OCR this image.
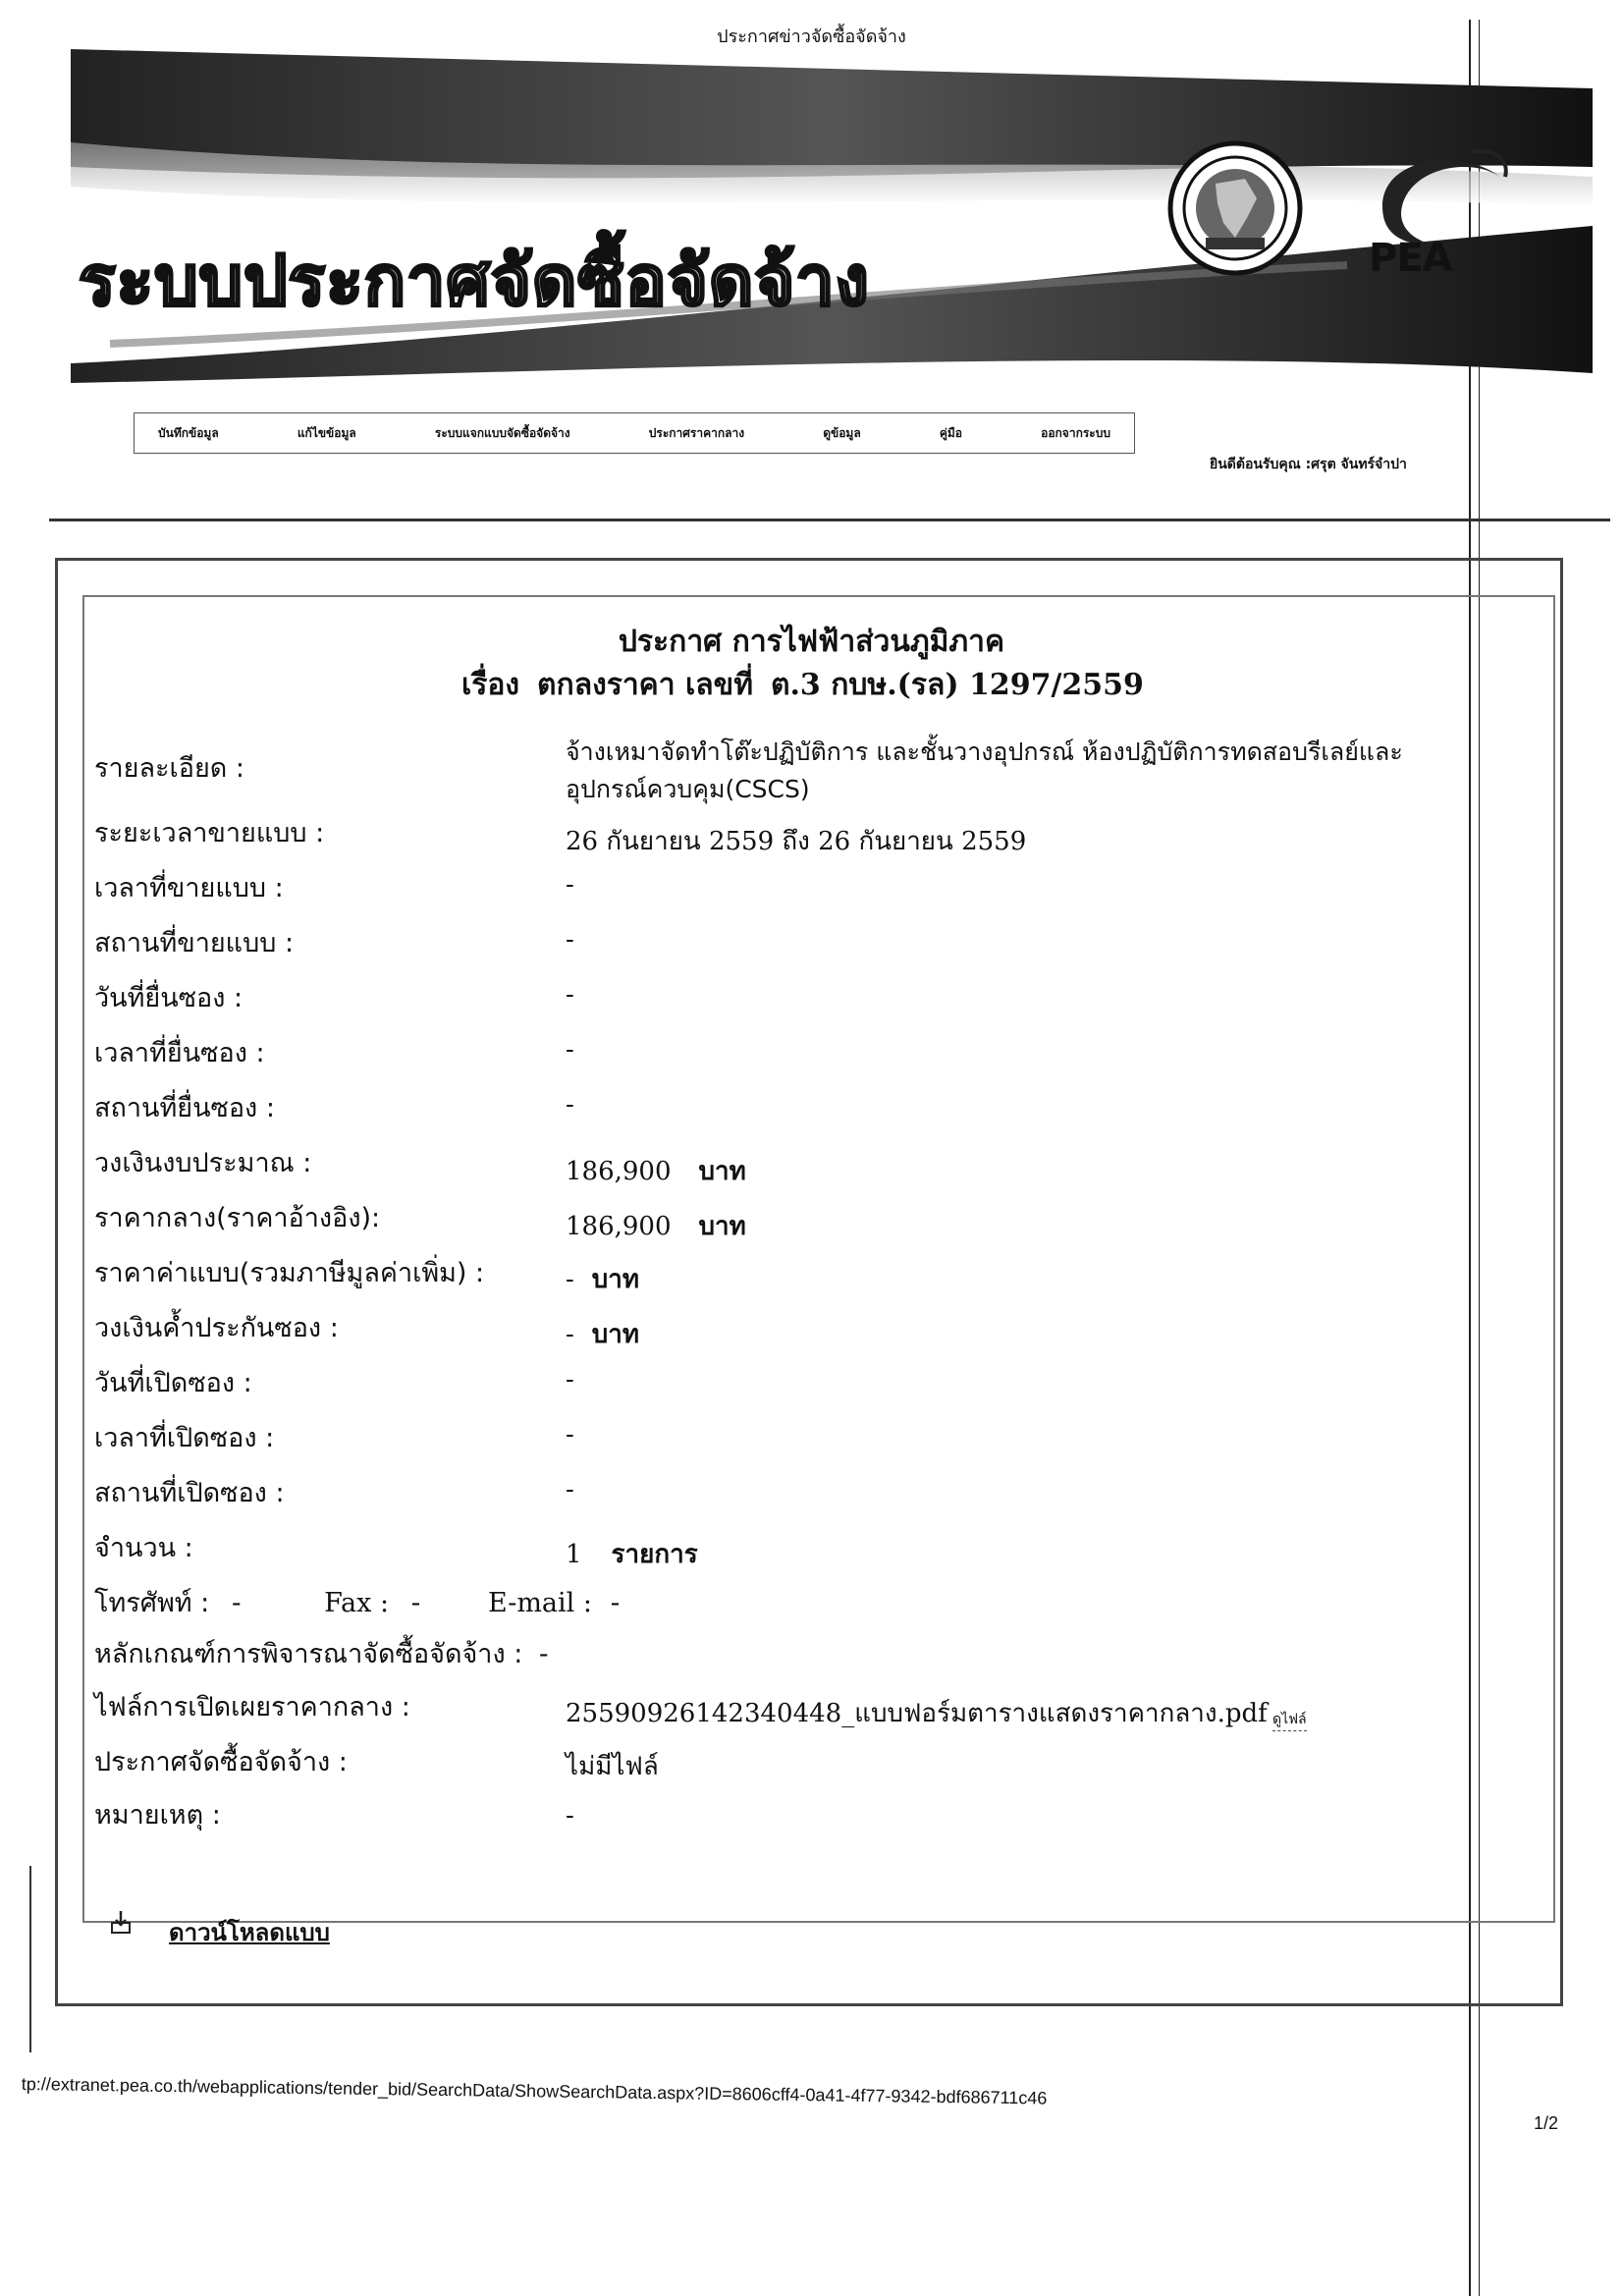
ประกาศข่าวจัดซื้อจัดจ้าง
ระบบประกาศจัดซื้อจัดจ้าง	PEA
บันทึกข้อมูล	แก้ไขข้อมูล	ระบบแจกแบบจัดซื้อจัดจ้าง	ประกาศราคากลาง	ดูข้อมูล	คู่มือ	ออกจากระบบ
ยินดีต้อนรับคุณ :ศรุต จันทร์จำปา
ประกาศ การไฟฟ้าส่วนภูมิภาค
เรื่อง ตกลงราคา เลขที่ ต.3 กบษ.(รล) 1297/2559
รายละเอียด :
จ้างเหมาจัดทำโต๊ะปฏิบัติการ และชั้นวางอุปกรณ์ ห้องปฏิบัติการทดสอบรีเลย์และ
อุปกรณ์ควบคุม(CSCS)
ระยะเวลาขายแบบ :	26 กันยายน 2559 ถึง 26 กันยายน 2559
เวลาที่ขายแบบ :	-
สถานที่ขายแบบ :	-
วันที่ยื่นซอง :	-
เวลาที่ยื่นซอง :	-
สถานที่ยื่นซอง :	-
วงเงินงบประมาณ :	186,900 บาท
ราคากลาง(ราคาอ้างอิง):	186,900 บาท
ราคาค่าแบบ(รวมภาษีมูลค่าเพิ่ม) :	- บาท
วงเงินค้ำประกันซอง :	- บาท
วันที่เปิดซอง :	-
เวลาที่เปิดซอง :	-
สถานที่เปิดซอง :	-
จำนวน :	1 รายการ
โทรศัพท์ : -	Fax : -	E-mail : -
หลักเกณฑ์การพิจารณาจัดซื้อจัดจ้าง : -
ไฟล์การเปิดเผยราคากลาง :	25590926142340448_แบบฟอร์มตารางแสดงราคากลาง.pdf ดูไฟล์
ประกาศจัดซื้อจัดจ้าง :	ไม่มีไฟล์
หมายเหตุ :	-
ดาวน์โหลดแบบ
tp://extranet.pea.co.th/webapplications/tender_bid/SearchData/ShowSearchData.aspx?ID=8606cff4-0a41-4f77-9342-bdf686711c46
1/2
